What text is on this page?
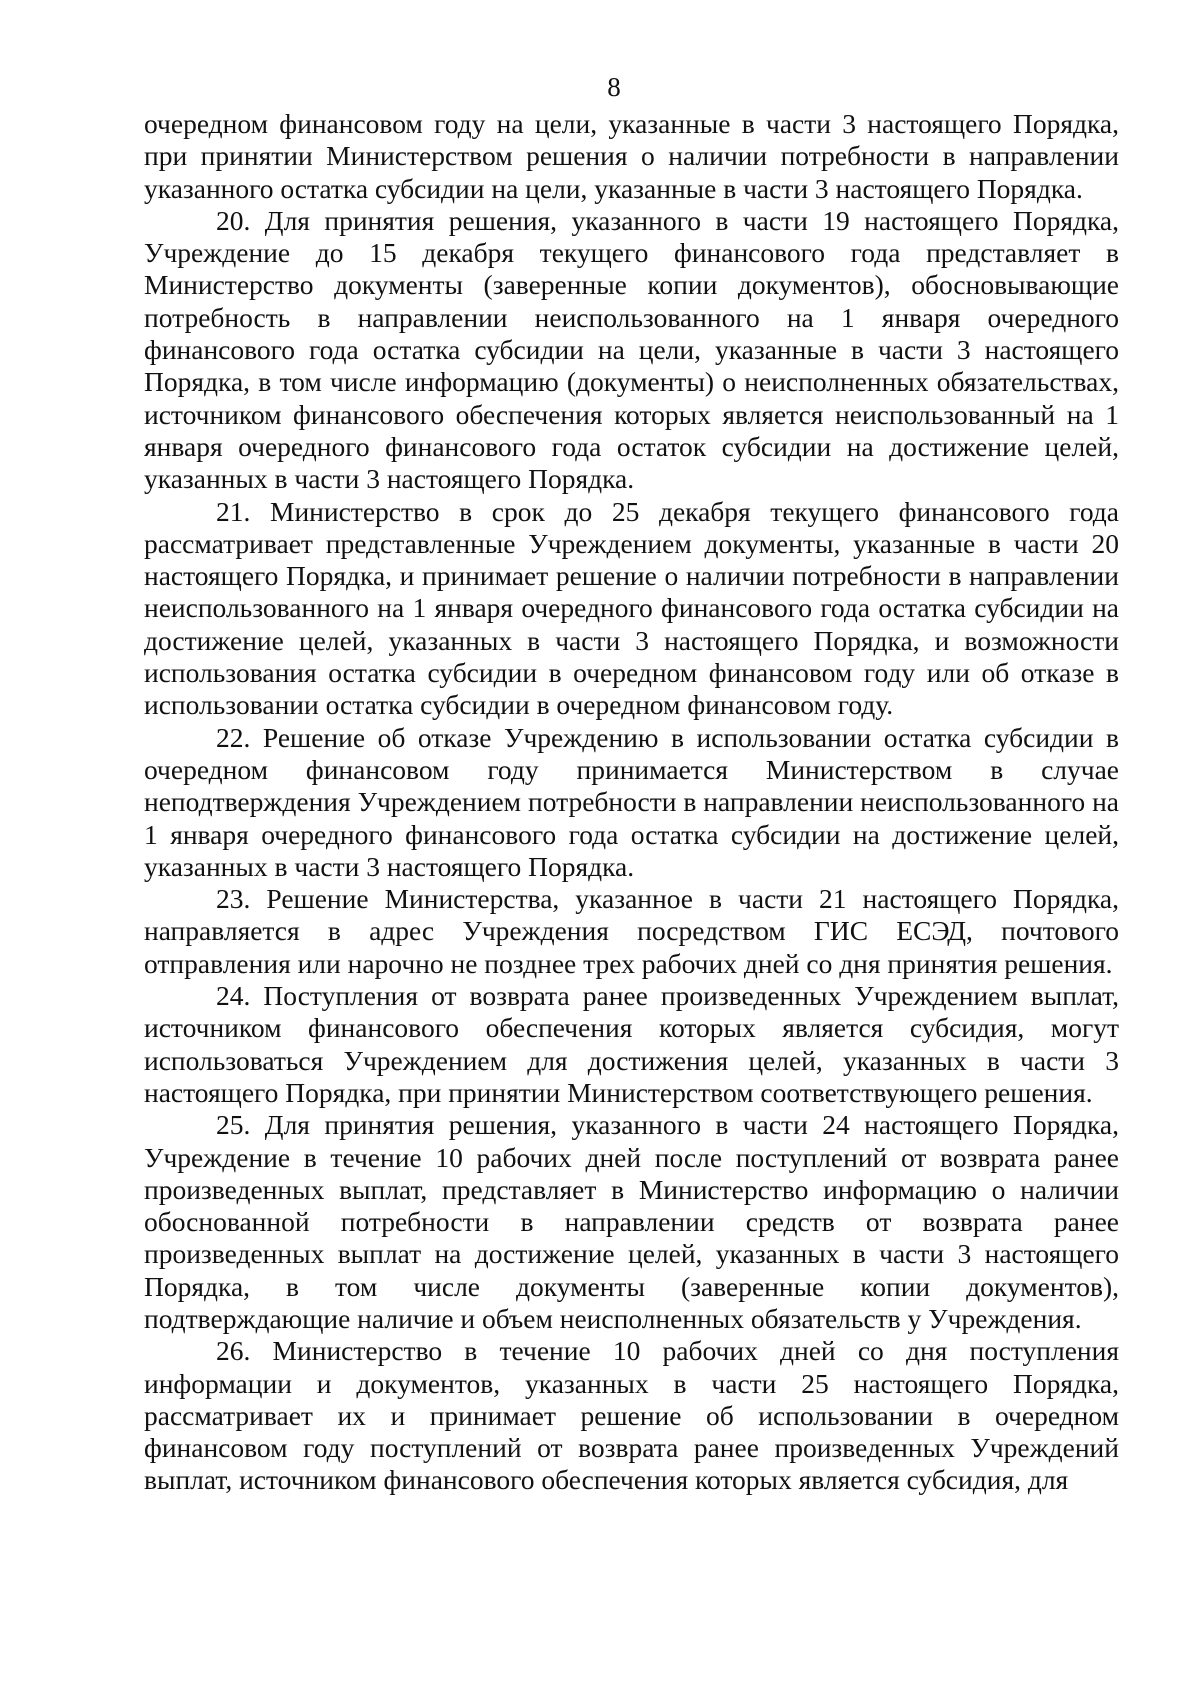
8

очередном финансовом году на цели, указанные в части 3 настоящего Порядка, при принятии Министерством решения о наличии потребности в направлении указанного остатка субсидии на цели, указанные в части 3 настоящего Порядка.

20. Для принятия решения, указанного в части 19 настоящего Порядка, Учреждение до 15 декабря текущего финансового года представляет в Министерство документы (заверенные копии документов), обосновывающие потребность в направлении неиспользованного на 1 января очередного финансового года остатка субсидии на цели, указанные в части 3 настоящего Порядка, в том числе информацию (документы) о неисполненных обязательствах, источником финансового обеспечения которых является неиспользованный на 1 января очередного финансового года остаток субсидии на достижение целей, указанных в части 3 настоящего Порядка.

21. Министерство в срок до 25 декабря текущего финансового года рассматривает представленные Учреждением документы, указанные в части 20 настоящего Порядка, и принимает решение о наличии потребности в направлении неиспользованного на 1 января очередного финансового года остатка субсидии на достижение целей, указанных в части 3 настоящего Порядка, и возможности использования остатка субсидии в очередном финансовом году или об отказе в использовании остатка субсидии в очередном финансовом году.

22. Решение об отказе Учреждению в использовании остатка субсидии в очередном финансовом году принимается Министерством в случае неподтверждения Учреждением потребности в направлении неиспользованного на 1 января очередного финансового года остатка субсидии на достижение целей, указанных в части 3 настоящего Порядка.

23. Решение Министерства, указанное в части 21 настоящего Порядка, направляется в адрес Учреждения посредством ГИС ЕСЭД, почтового отправления или нарочно не позднее трех рабочих дней со дня принятия решения.

24. Поступления от возврата ранее произведенных Учреждением выплат, источником финансового обеспечения которых является субсидия, могут использоваться Учреждением для достижения целей, указанных в части 3 настоящего Порядка, при принятии Министерством соответствующего решения.

25. Для принятия решения, указанного в части 24 настоящего Порядка, Учреждение в течение 10 рабочих дней после поступлений от возврата ранее произведенных выплат, представляет в Министерство информацию о наличии обоснованной потребности в направлении средств от возврата ранее произведенных выплат на достижение целей, указанных в части 3 настоящего Порядка, в том числе документы (заверенные копии документов), подтверждающие наличие и объем неисполненных обязательств у Учреждения.

26. Министерство в течение 10 рабочих дней со дня поступления информации и документов, указанных в части 25 настоящего Порядка, рассматривает их и принимает решение об использовании в очередном финансовом году поступлений от возврата ранее произведенных Учреждений выплат, источником финансового обеспечения которых является субсидия, для
